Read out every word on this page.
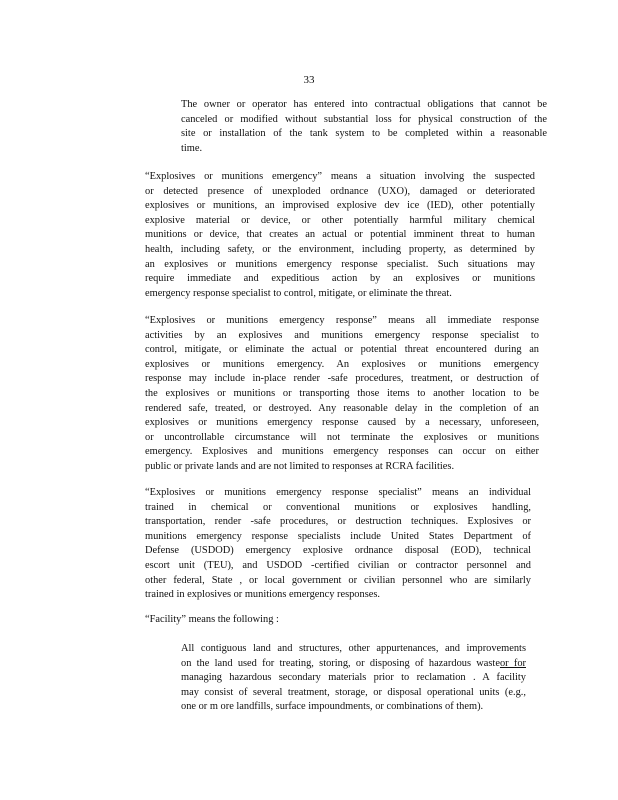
33
The owner or operator has entered into contractual obligations that cannot be
canceled or modified without substantial loss for physical construction of the
site or installation of the tank system to be completed within a reasonable
time.
“Explosives or munitions emergency” means a situation involving the suspected
or detected presence of unexploded ordnance (UXO), damaged or deteriorated
explosives or munitions, an improvised explosive dev ice (IED), other potentially
explosive material or device, or other potentially harmful military chemical
munitions or device, that creates an actual or potential imminent threat to human
health, including safety, or the environment, including property, as determined by
an explosives or munitions emergency response specialist. Such situations may
require immediate and expeditious action by an explosives or munitions
emergency response specialist to control, mitigate, or eliminate the threat.
“Explosives or munitions emergency response” means all immediate response
activities by an explosives and munitions emergency response specialist to
control, mitigate, or eliminate the actual or potential threat encountered during an
explosives or munitions emergency. An explosives or munitions emergency
response may include in-place render -safe procedures, treatment, or destruction of
the explosives or munitions or transporting those items to another location to be
rendered safe, treated, or destroyed. Any reasonable delay in the completion of an
explosives or munitions emergency response caused by a necessary, unforeseen,
or uncontrollable circumstance will not terminate the explosives or munitions
emergency. Explosives and munitions emergency responses can occur on either
public or private lands and are not limited to responses at RCRA facilities.
“Explosives or munitions emergency response specialist” means an individual
trained in chemical or conventional munitions or explosives handling,
transportation, render -safe procedures, or destruction techniques. Explosives or
munitions emergency response specialists include United States Department of
Defense (USDOD) emergency explosive ordnance disposal (EOD), technical
escort unit (TEU), and USDOD -certified civilian or contractor personnel and
other federal, State , or local government or civilian personnel who are similarly
trained in explosives or munitions emergency responses.
“Facility” means the following :
All contiguous land and structures, other appurtenances, and improvements
on the land used for treating, storing, or disposing of hazardous wasteor for
managing hazardous secondary materials prior to reclamation . A facility
may consist of several treatment, storage, or disposal operational units (e.g.,
one or m ore landfills, surface impoundments, or combinations of them).
